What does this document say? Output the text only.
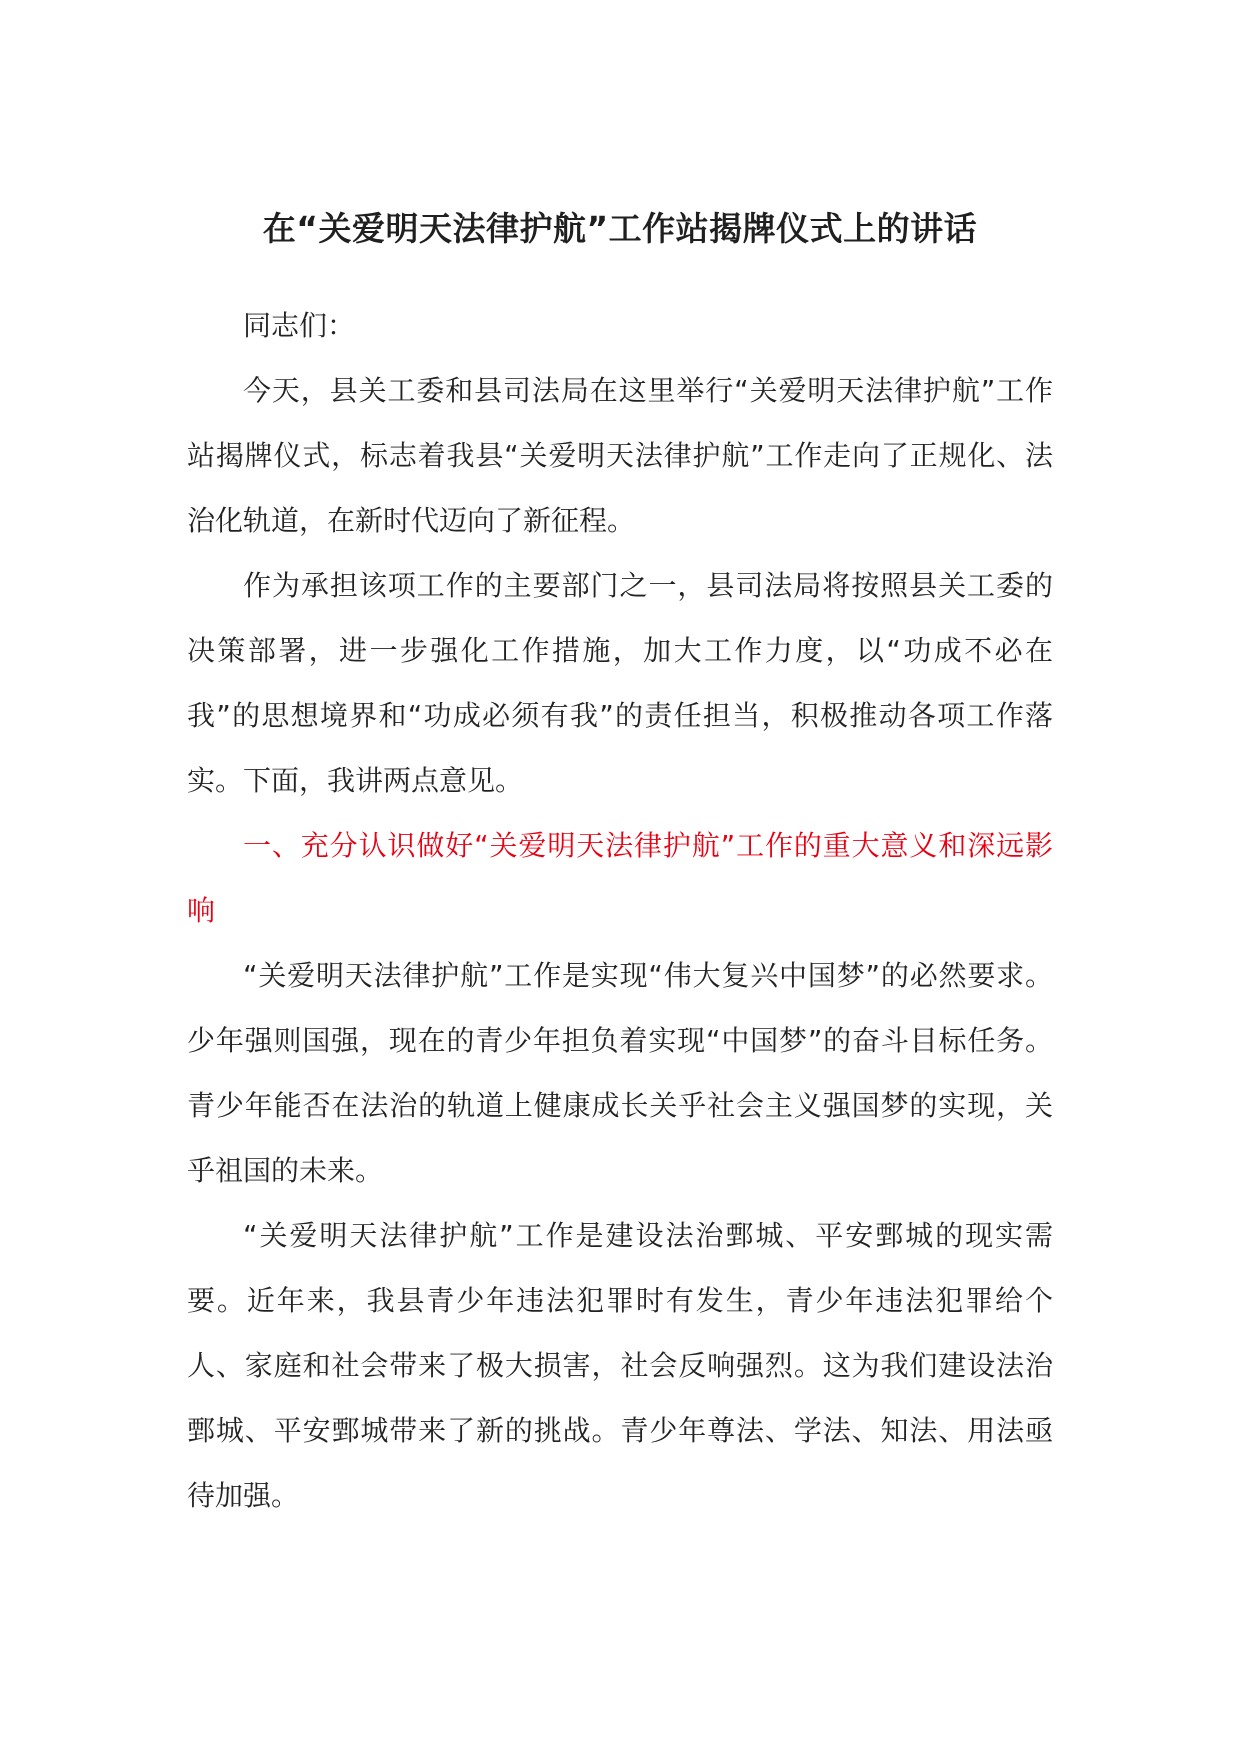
在“关爱明天法律护航”工作站揭牌仪式上的讲话

同志们：

今天，县关工委和县司法局在这里举行“关爱明天法律护航”工作站揭牌仪式，标志着我县“关爱明天法律护航”工作走向了正规化、法治化轨道，在新时代迈向了新征程。

作为承担该项工作的主要部门之一，县司法局将按照县关工委的决策部署，进一步强化工作措施，加大工作力度，以“功成不必在我”的思想境界和“功成必须有我”的责任担当，积极推动各项工作落实。下面，我讲两点意见。

一、充分认识做好“关爱明天法律护航”工作的重大意义和深远影响

“关爱明天法律护航”工作是实现“伟大复兴中国梦”的必然要求。少年强则国强，现在的青少年担负着实现“中国梦”的奋斗目标任务。青少年能否在法治的轨道上健康成长关乎社会主义强国梦的实现，关乎祖国的未来。

“关爱明天法律护航”工作是建设法治鄄城、平安鄄城的现实需要。近年来，我县青少年违法犯罪时有发生，青少年违法犯罪给个人、家庭和社会带来了极大损害，社会反响强烈。这为我们建设法治鄄城、平安鄄城带来了新的挑战。青少年尊法、学法、知法、用法亟待加强。
